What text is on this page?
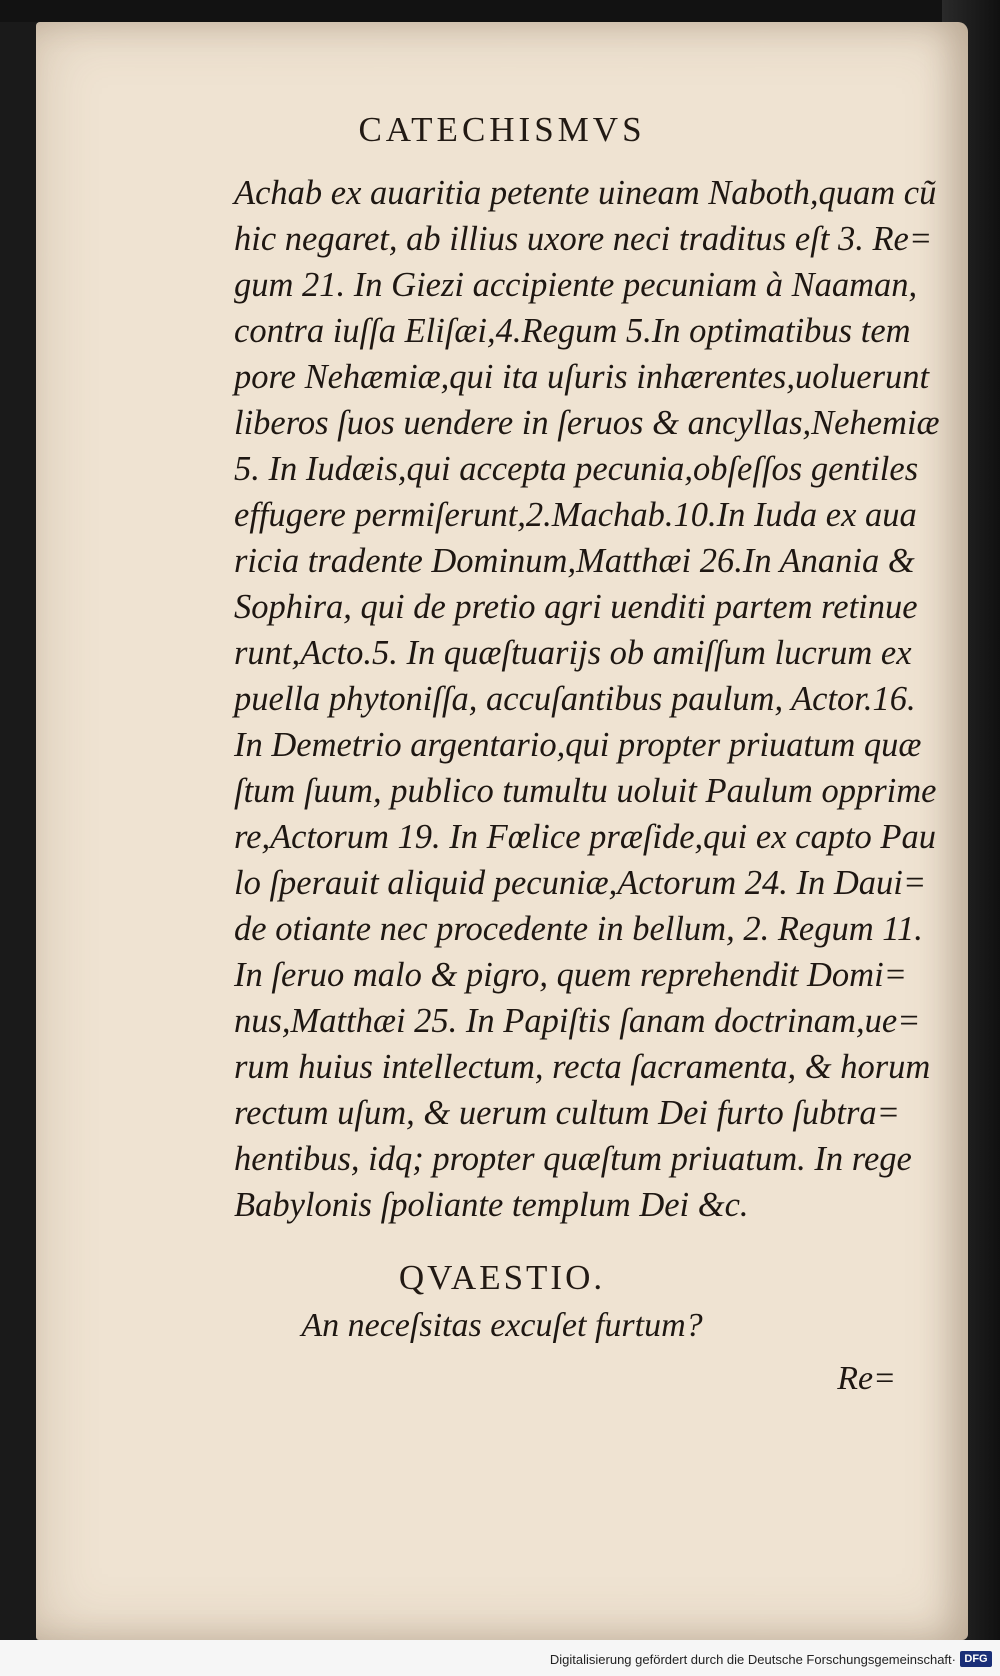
CATECHISMVS
Achab ex auaritia petente uineam Naboth,quam cũ
hic negaret, ab illius uxore neci traditus eſt 3. Re=
gum 21. In Giezi accipiente pecuniam à Naaman,
contra iuſſa Eliſæi,4.Regum 5.In optimatibus tem
pore Nehæmiæ,qui ita uſuris inhærentes,uoluerunt
liberos ſuos uendere in ſeruos & ancyllas,Nehemiæ
5. In Iudæis,qui accepta pecunia,obſeſſos gentiles
effugere permiſerunt,2.Machab.10.In Iuda ex aua
ricia tradente Dominum,Matthæi 26.In Anania &
Sophira, qui de pretio agri uenditi partem retinue
runt,Acto.5. In quæſtuarijs ob amiſſum lucrum ex
puella phytoniſſa, accuſantibus paulum, Actor.16.
In Demetrio argentario,qui propter priuatum quæ
ſtum ſuum, publico tumultu uoluit Paulum opprime
re,Actorum 19. In Fœlice præſide,qui ex capto Pau
lo ſperauit aliquid pecuniæ,Actorum 24. In Daui=
de otiante nec procedente in bellum, 2. Regum 11.
In ſeruo malo & pigro, quem reprehendit Domi=
nus,Matthæi 25. In Papiſtis ſanam doctrinam,ue=
rum huius intellectum, recta ſacramenta, & horum
rectum uſum, & uerum cultum Dei furto ſubtra=
hentibus, idq; propter quæſtum priuatum. In rege
Babylonis ſpoliante templum Dei &c.
QVAESTIO.
An neceſsitas excuſet furtum?
Re=
Digitalisierung gefördert durch die Deutsche Forschungsgemeinschaft· DFG
